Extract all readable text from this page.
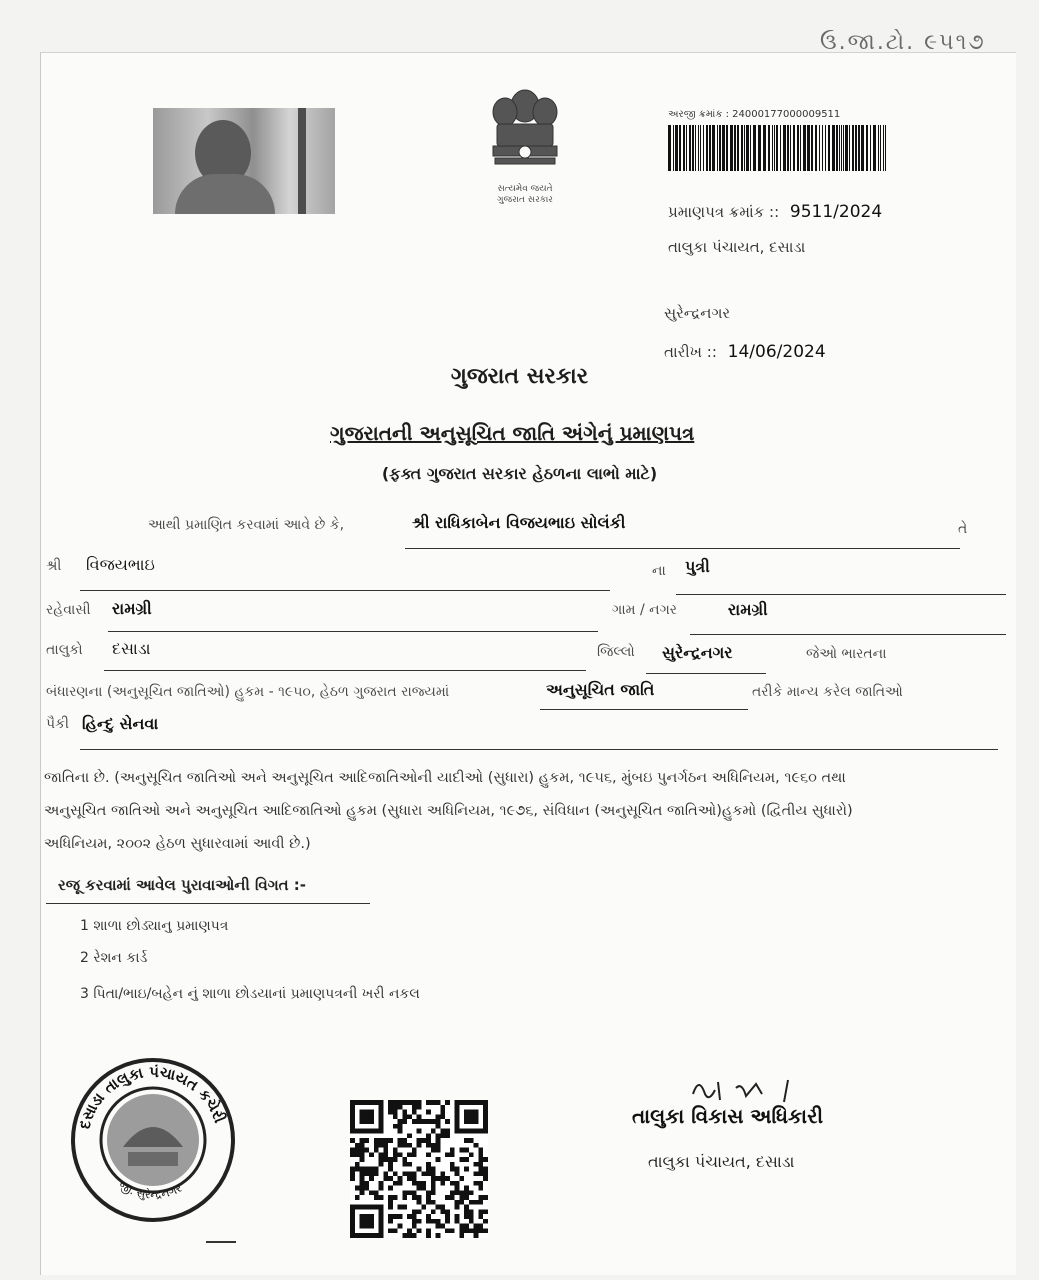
ઉ.જા.ટો. ૯૫૧૭
સત્યમેવ જયતે
ગુજરાત સરકાર
અરજી ક્રમાંક : 24000177000009511
પ્રમાણપત્ર ક્રમાંક :: 9511/2024
તાલુકા પંચાયત, દસાડા
સુરેન્દ્રનગર
તારીખ :: 14/06/2024
ગુજરાત સરકાર
ગુજરાતની અનુસૂચિત જાતિ અંગેનું પ્રમાણપત્ર
(ફક્ત ગુજરાત સરકાર હેઠળના લાભો માટે)
આથી પ્રમાણિત કરવામાં આવે છે કે,	શ્રી રાધિકાબેન વિજયભાઇ સોલંકી	તે
શ્રી વિજયભાઇ	ના પુત્રી
રહેવાસી રામગ્રી	ગામ / નગર	રામગ્રી
તાલુકો દસાડા	જિલ્લો સુરેન્દ્રનગર	જેઓ ભારતના
બંધારણના (અનુસૂચિત જાતિઓ) હુકમ - ૧૯૫૦, હેઠળ ગુજરાત રાજ્યમાં	અનુસૂચિત જાતિ	તરીકે માન્ય કરેલ જાતિઓ
પૈકી હિન્દુ સેનવા
જાતિના છે. (અનુસૂચિત જાતિઓ અને અનુસૂચિત આદિજાતિઓની યાદીઓ (સુધારા) હુકમ, ૧૯૫૬, મુંબઇ પુનર્ગઠન અધિનિયમ, ૧૯૬૦ તથા
અનુસૂચિત જાતિઓ અને અનુસૂચિત આદિજાતિઓ હુકમ (સુધારા અધિનિયમ, ૧૯૭૬, સંવિધાન (અનુસૂચિત જાતિઓ)હુકમો (દ્વિતીય સુધારો)
અધિનિયમ, ૨૦૦૨ હેઠળ સુધારવામાં આવી છે.)
રજૂ કરવામાં આવેલ પુરાવાઓની વિગત :-
1 શાળા છોડ્યાનુ પ્રમાણપત્ર
2 રેશન કાર્ડ
3 પિતા/ભાઇ/બહેન નું શાળા છોડયાનાં પ્રમાણપત્રની ખરી નકલ
દસાડા તાલુકા પંચાયત કચેરી
જી. સુરેન્દ્રનગર
તાલુકા વિકાસ અધિકારી
તાલુકા પંચાયત, દસાડા
